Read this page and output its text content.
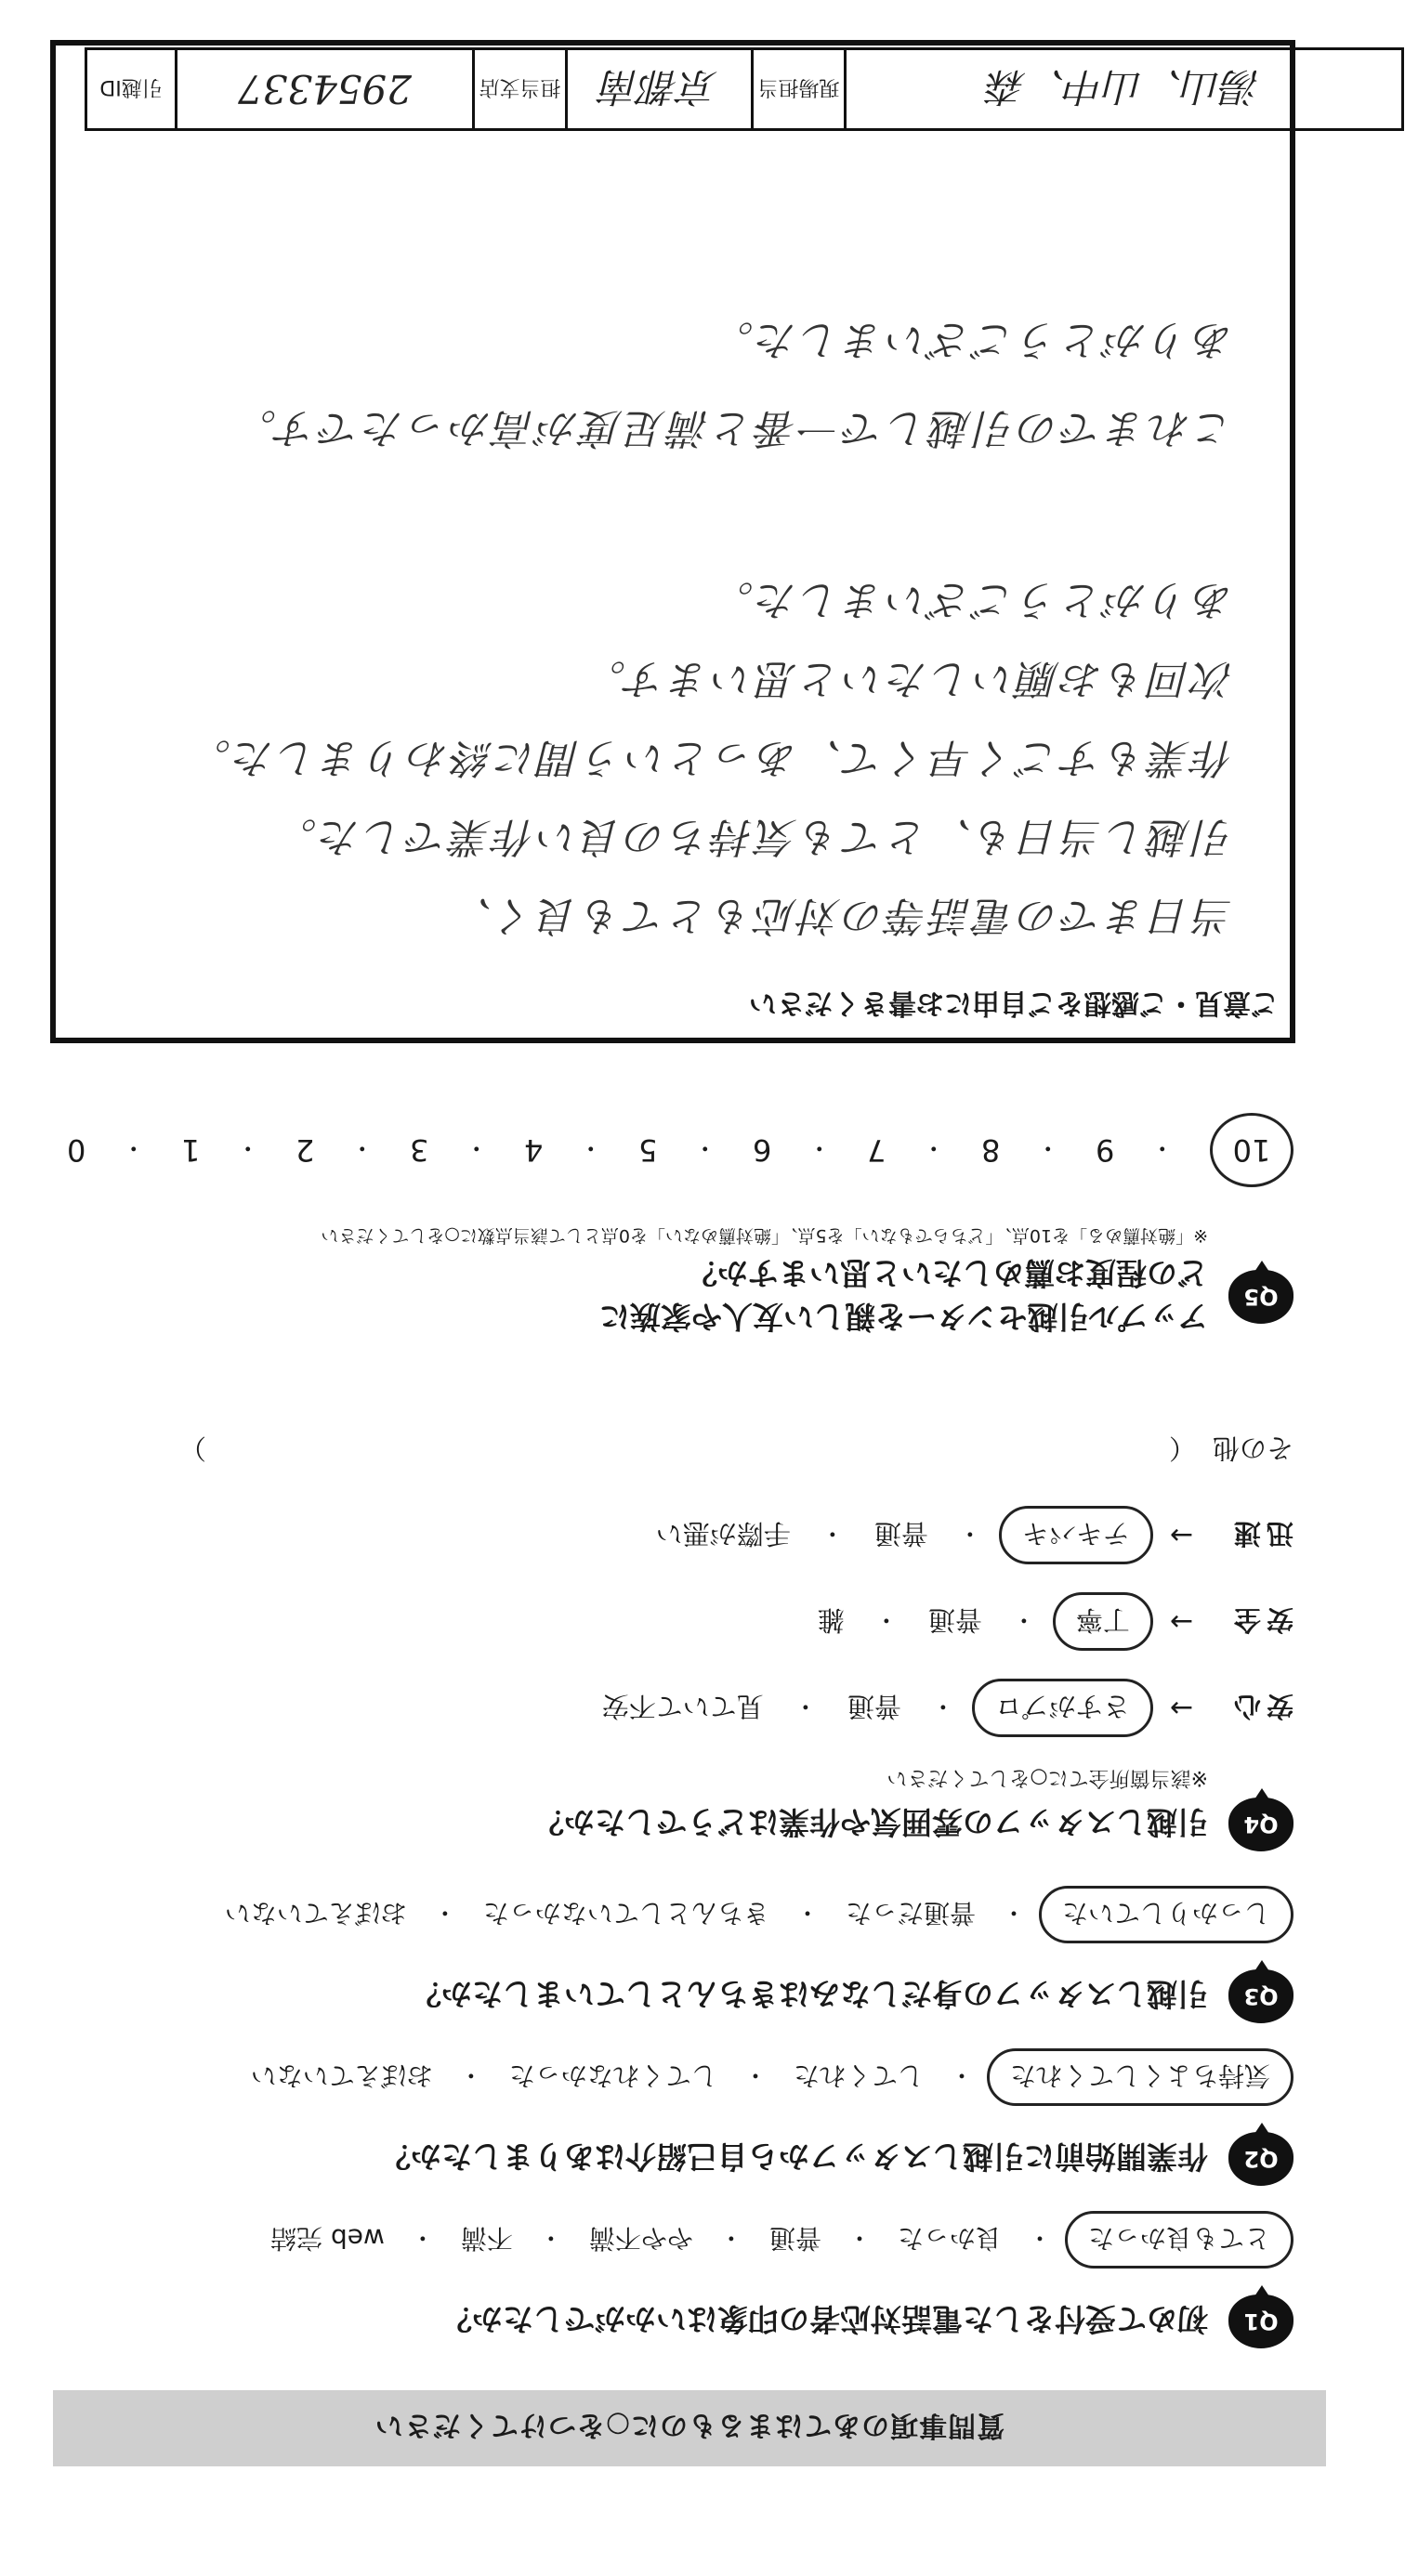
質問事項のあてはまるものに○をつけてください
Q1
初めて受付をした電話対応者の印象はいかがでしたか？
とても良かった
・
良かった
・
普通
・
やや不満
・
不満
・
web 完結
Q2
作業開始前に引越しスタッフから自己紹介はありましたか？
気持ちよくしてくれた
・
してくれた
・
してくれなかった
・
おぼえていない
Q3
引越しスタッフの身だしなみはきちんとしていましたか？
しっかりしていた
・
普通だった
・
きちんとしていなかった
・
おぼえていない
Q4
引越しスタッフの雰囲気や作業はどうでしたか？
※該当箇所全てに○をしてください
安心
→
さすがプロ
・
普通
・
見ていて不安
安全
→
丁寧
・
普通
・
雑
迅速
→
テキパキ
・
普通
・
手際が悪い
その他
（
）
Q5
アップル引越センターを親しい友人や家族に
どの程度お薦めしたいと思いますか？
※「絶対薦める」を10点、「どちらでもない」を5点、「絶対薦めない」を0点として該当点数に○をしてください
10
・
9
・
8
・
7
・
6
・
5
・
4
・
3
・
2
・
1
・
0
ご意見・ご感想をご自由にお書きください
当日までの電話等の対応もとても良く、
引越し当日も、とても気持ちの良い作業でした。
作業もすごく早くて、あっという間に終わりました。
次回もお願いしたいと思います。
ありがとうございました。
これまでの引越しで一番と満足度が高かったです。
ありがとうございました。
湯山、山中、森
現場担当
京都南
担当支店
2954337
引越ID
